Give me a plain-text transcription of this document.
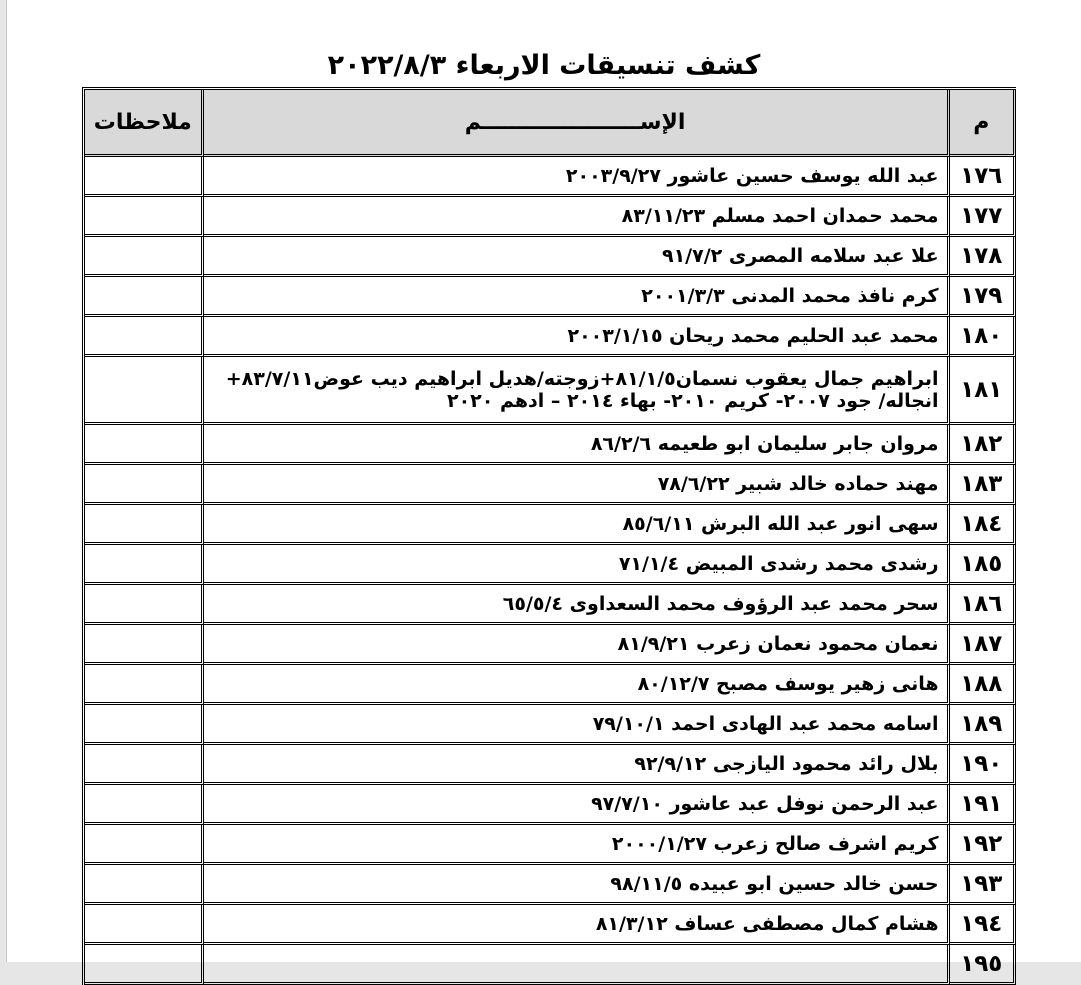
كشف تنسيقات الاربعاء ٢٠٢٢/٨/٣
م	الإســـــــــــــــــــــم	ملاحظات
١٧٦	عبد الله يوسف حسين عاشور ٢٠٠٣/٩/٢٧	
١٧٧	محمد حمدان احمد مسلم ٨٣/١١/٢٣	
١٧٨	علا عبد سلامه المصرى ٩١/٧/٢	
١٧٩	كرم نافذ محمد المدنى ٢٠٠١/٣/٣	
١٨٠	محمد عبد الحليم محمد ريحان ٢٠٠٣/١/١٥	
١٨١	ابراهيم جمال يعقوب نسمان٨١/١/٥+زوجته/هديل ابراهيم ديب عوض٨٣/٧/١١+ انجاله/ جود ٢٠٠٧- كريم ٢٠١٠- بهاء ٢٠١٤ – ادهم ٢٠٢٠	
١٨٢	مروان جابر سليمان ابو طعيمه ٨٦/٢/٦	
١٨٣	مهند حماده خالد شبير ٧٨/٦/٢٢	
١٨٤	سهى انور عبد الله البرش ٨٥/٦/١١	
١٨٥	رشدى محمد رشدى المبيض ٧١/١/٤	
١٨٦	سحر محمد عبد الرؤوف محمد السعداوى ٦٥/٥/٤	
١٨٧	نعمان محمود نعمان زعرب ٨١/٩/٢١	
١٨٨	هانى زهير يوسف مصبح ٨٠/١٢/٧	
١٨٩	اسامه محمد عبد الهادى احمد ٧٩/١٠/١	
١٩٠	بلال رائد محمود اليازجى ٩٢/٩/١٢	
١٩١	عبد الرحمن نوفل عبد عاشور ٩٧/٧/١٠	
١٩٢	كريم اشرف صالح زعرب ٢٠٠٠/١/٢٧	
١٩٣	حسن خالد حسين ابو عبيده ٩٨/١١/٥	
١٩٤	هشام كمال مصطفى عساف ٨١/٣/١٢	
١٩٥		
